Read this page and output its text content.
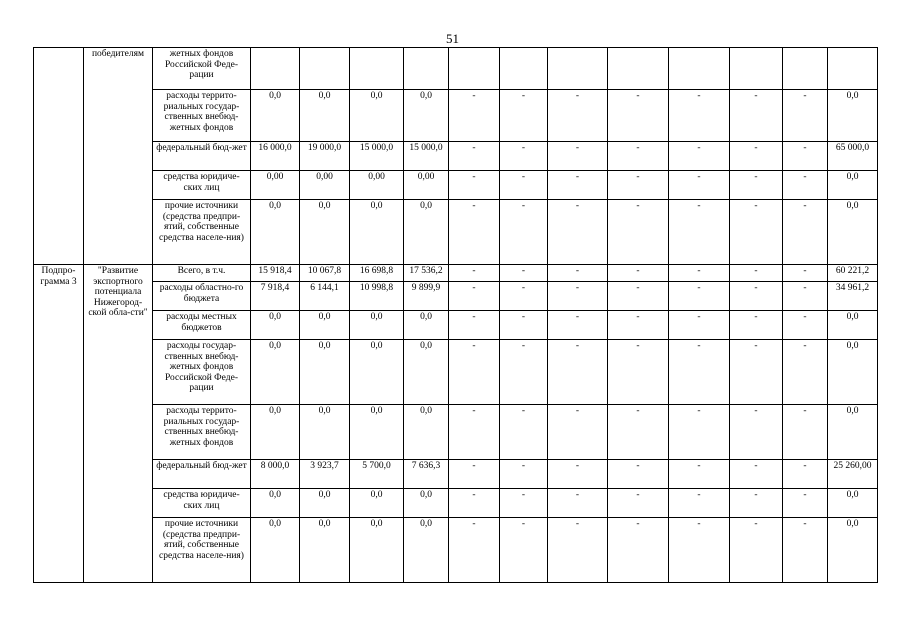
51
	победителям	жетных фондов Российской Феде-рации												
		расходы террито-риальных государ-ственных внебюд-жетных фондов	0,0	0,0	0,0	0,0	-	-	-	-	-	-	-	0,0
		федеральный бюд-жет	16 000,0	19 000,0	15 000,0	15 000,0	-	-	-	-	-	-	-	65 000,0
		средства юридиче-ских лиц	0,00	0,00	0,00	0,00	-	-	-	-	-	-	-	0,0
		прочие источники (средства предпри-ятий, собственные средства населе-ния)	0,0	0,0	0,0	0,0	-	-	-	-	-	-	-	0,0
Подпро-грамма 3	"Развитие экспортного потенциала Нижегород-ской обла-сти"	Всего, в т.ч.	15 918,4	10 067,8	16 698,8	17 536,2	-	-	-	-	-	-	-	60 221,2
		расходы областно-го бюджета	7 918,4	6 144,1	10 998,8	9 899,9	-	-	-	-	-	-	-	34 961,2
		расходы местных бюджетов	0,0	0,0	0,0	0,0	-	-	-	-	-	-	-	0,0
		расходы государ-ственных внебюд-жетных фондов Российской Феде-рации	0,0	0,0	0,0	0,0	-	-	-	-	-	-	-	0,0
		расходы террито-риальных государ-ственных внебюд-жетных фондов	0,0	0,0	0,0	0,0	-	-	-	-	-	-	-	0,0
		федеральный бюд-жет	8 000,0	3 923,7	5 700,0	7 636,3	-	-	-	-	-	-	-	25 260,00
		средства юридиче-ских лиц	0,0	0,0	0,0	0,0	-	-	-	-	-	-	-	0,0
		прочие источники (средства предпри-ятий, собственные средства населе-ния)	0,0	0,0	0,0	0,0	-	-	-	-	-	-	-	0,0
